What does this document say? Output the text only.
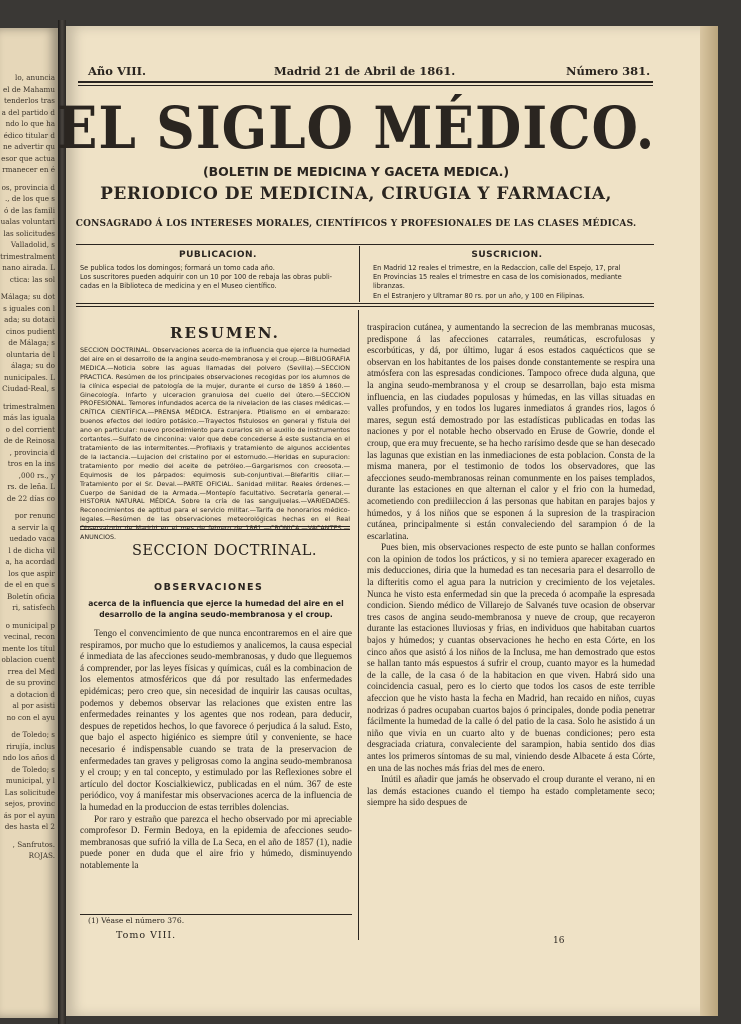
lo, anuncia
el de Mahamu
tenderlos tras
a del partido d
ndo lo que ha
édico titular d
ne advertir qu
esor que actua
rmanecer en é
os, provincia d
., de los que s
ó de las famili
ualas voluntari
las solicitudes
Valladolid, s
trimestralment
nano airada. L
ctica: las sol
Málaga; su dot
s iguales con l
ada; su dotaci
cinos pudient
de Málaga; s
oluntaria de l
álaga; su do
nunicipales. L
Ciudad-Real, s
trimestralmen
más las iguala
o del corrient
de de Reinosa
, provincia d
tros en la ins
,000 rs., y
rs. de leña. L
de 22 días co
por renunc
a servir la q
uedado vaca
l de dicha vil
a, ha acordad
los que aspir
de el en que s
Boletín oficia
ri, satisfech
o municipal p
vecinal, recon
mente los títul
oblacion cuent
rrea del Med
de su provinc
a dotacion d
al por asisti
no con el ayu
de Toledo; s
rirujía, inclus
ndo los años d
de Toledo; s
municipal, y l
Las solicitude
sejos, provinc
ás por el ayun
des hasta el 2
, Sanfrutos.
ROJAS.
Año VIII.	Madrid 21 de Abril de 1861.	Número 381.
EL SIGLO MÉDICO.
(BOLETIN DE MEDICINA Y GACETA MEDICA.)
PERIODICO DE MEDICINA, CIRUGIA Y FARMACIA,
CONSAGRADO Á LOS INTERESES MORALES, CIENTÍFICOS Y PROFESIONALES DE LAS CLASES MÉDICAS.
PUBLICACION.
Se publica todos los domingos; formará un tomo cada año.
Los suscritores pueden adquirir con un 10 por 100 de rebaja las obras publi-
cadas en la Biblioteca de medicina y en el Museo científico.
SUSCRICION.
En Madrid 12 reales el trimestre, en la Redaccion, calle del Espejo, 17, pral
En Provincias 15 reales el trimestre en casa de los comisionados, mediante
libranzas.
En el Estranjero y Ultramar 80 rs. por un año, y 100 en Filipinas.
RESUMEN.
SECCION DOCTRINAL. Observaciones acerca de la influencia que ejerce la humedad del aire en el desarrollo de la angina seudo-membranosa y el croup.—BIBLIOGRAFIA MEDICA.—Noticia sobre las aguas llamadas del polvero (Sevilla).—SECCION PRACTICA. Resúmen de los principales observaciones recogidas por los alumnos de la clínica especial de patología de la mujer, durante el curso de 1859 á 1860.—Ginecología. Infarto y ulceracion granulosa del cuello del útero.—SECCION PROFESIONAL. Temores infundados acerca de la nivelacion de las clases médicas.—CRÍTICA CIENTÍFICA.—PRENSA MÉDICA. Estranjera. Ptialismo en el embarazo: buenos efectos del iodúro potásico.—Trayectos fistulosos en general y fístula del ano en particular: nuevo procedimiento para curarlos sin el auxilio de instrumentos cortantes.—Sulfato de cinconina: valor que debe concederse á este sustancia en el tratamiento de las intermitentes.—Profilaxis y tratamiento de algunos accidentes de la lactancia.—Lujacion del cristalino por el estornudo.—Heridas en supuracion: tratamiento por medio del aceite de petróleo.—Gargarismos con creosota.—Equimosis de los párpados: equimosis sub-conjuntival.—Blefaritis ciliar.—Tratamiento por el Sr. Deval.—PARTE OFICIAL. Sanidad militar. Reales órdenes.—Cuerpo de Sanidad de la Armada.—Montepío facultativo. Secretaría general.—HISTORIA NATURAL MÉDICA. Sobre la cría de las sanguijuelas.—VARIEDADES. Reconocimientos de aptitud para el servicio militar.—Tarifa de honorarios médico-legales.—Resúmen de las observaciones meteorológicas hechas en el Real ANUNCIOS.
SECCION DOCTRINAL.
OBSERVACIONES
acerca de la influencia que ejerce la humedad del aire en el
desarrollo de la angina seudo-membranosa y el croup.

Tengo el convencimiento de que nunca encontraremos en el aire que respiramos, por mucho que lo estudiemos y analicemos, la causa especial é inmediata de las afecciones seudo-membranosas, y dudo que lleguemos á comprender, por las leyes físicas y químicas, cuál es la combinacion de los elementos atmosféricos que dá por resultado las enfermedades epidémicas; pero creo que, sin necesidad de inquirir las causas ocultas, podemos y debemos observar las relaciones que existen entre las enfermedades reinantes y los agentes que nos rodean, para deducir, despues de repetidos hechos, lo que favorece ó perjudica á la salud. Esto, que bajo el aspecto higiénico es siempre útil y conveniente, se hace necesario é indispensable cuando se trata de la preservacion de enfermedades tan graves y peligrosas como la angina seudo-membranosa y el croup; y en tal concepto, y estimulado por las Reflexiones sobre el artículo del doctor Koscialkiewicz, publicadas en el núm. 367 de este periódico, voy á manifestar mis observaciones acerca de la influencia de la humedad en la produccion de estas terribles dolencias.

Por raro y estraño que parezca el hecho observado por mi apreciable comprofesor D. Fermin Bedoya, en la epidemia de afecciones seudo-membranosas que sufrió la villa de La Seca, en el año de 1857 (1), nadie puede poner en duda que el aire frio y húmedo, disminuyendo notablemente la

(1) Véase el número 376.
Tomo VIII.

traspiracion cutánea, y aumentando la secrecion de las membranas mucosas, predispone á las afecciones catarrales, reumáticas, escrofulosas y escorbúticas, y dá, por último, lugar á esos estados caquécticos que se observan en los habitantes de los paises donde constantemente se respira una atmósfera con las espresadas condiciones. Tampoco ofrece duda alguna, que la angina seudo-membranosa y el croup se desarrollan, bajo esta misma influencia, en las ciudades populosas y húmedas, en las villas situadas en valles profundos, y en todos los lugares inmediatos á grandes rios, lagos ó mares, segun está demostrado por las estadísticas publicadas en todas las naciones y por el notable hecho observado en Eruse de Gowrie, donde el croup, que era muy frecuente, se ha hecho rarísimo desde que se han desecado las lagunas que existian en las inmediaciones de esta poblacion. Consta de la misma manera, por el testimonio de todos los observadores, que las afecciones seudo-membranosas reinan comunmente en los paises templados, durante las estaciones en que alternan el calor y el frio con la humedad, acometiendo con prediileccion á las personas que habitan en parajes bajos y húmedos, y á los niños que se esponen á la supresion de la traspiracion cutánea, principalmente si están convaleciendo del sarampion ó de la escarlatina.

Pues bien, mis observaciones respecto de este punto se hallan conformes con la opinion de todos los prácticos, y si no temiera aparecer exagerado en mis deducciones, diria que la humedad es tan necesaria para el desarrollo de la difteritis como el agua para la nutricion y crecimiento de los vejetales. Nunca he visto esta enfermedad sin que la preceda ó acompañe la espresada condicion. Siendo médico de Villarejo de Salvanés tuve ocasion de observar tres casos de angina seudo-membranosa y nueve de croup, que recayeron durante las estaciones lluviosas y frias, en individuos que habitaban cuartos bajos y húmedos; y cuantas observaciones he hecho en esta Córte, en los cinco años que asistó á los niños de la Inclusa, me han demostrado que estos se hallan tanto más espuestos á sufrir el croup, cuanto mayor es la humedad de la calle, de la casa ó de la habitacion en que viven. Habrá sido una coincidencia casual, pero es lo cierto que todos los casos de este terrible afeccion que he visto hasta la fecha en Madrid, han recaido en niños, cuyas nodrizas ó padres ocupaban cuartos bajos ó principales, donde podia penetrar fácilmente la humedad de la calle ó del patio de la casa. Solo he asistido á un niño que vivia en un cuarto alto y de buenas condiciones; pero esta desgraciada criatura, convaleciente del sarampion, habia sentido dos dias antes los primeros síntomas de su mal, viniendo desde Albacete á esta Córte, en una de las noches más frias del mes de enero.

Inútil es añadir que jamás he observado el croup durante el verano, ni en las demás estaciones cuando el tiempo ha estado completamente seco; siempre ha sido despues de

16
